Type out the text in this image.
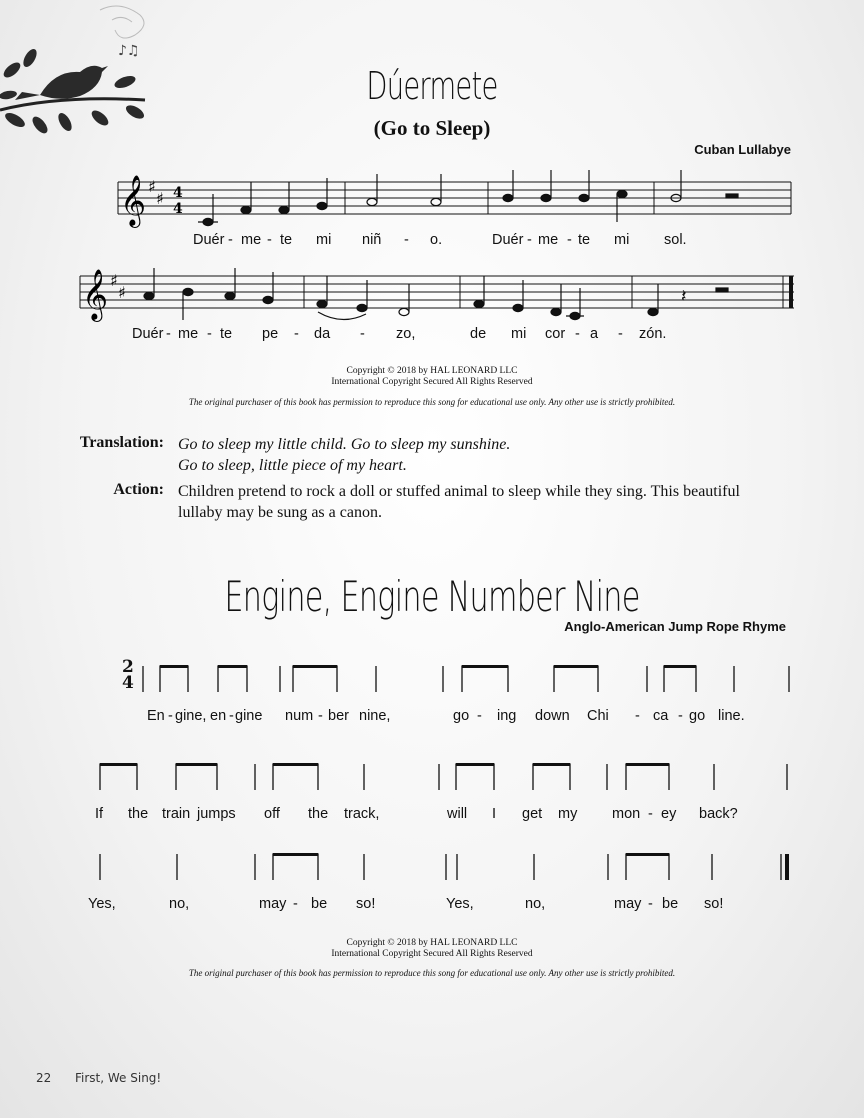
♪♫
Dúermete
(Go to Sleep)
Cuban Lullabye
𝄞 ♯
♯ 4
4
Duér - me - te mi niñ - o.	Duér - me - te mi sol.
𝄞 ♯
♯	𝄽
Duér - me - te pe - da - zo,	de mi cor - a - zón.
Copyright © 2018 by HAL LEONARD LLC
International Copyright Secured All Rights Reserved
The original purchaser of this book has permission to reproduce this song for educational use only. Any other use is strictly prohibited.
Translation: Go to sleep my little child. Go to sleep my sunshine.
Go to sleep, little piece of my heart.
Action: Children pretend to rock a doll or stuffed animal to sleep while they sing. This beautiful lullaby may be sung as a canon.
Engine, Engine Number Nine
Anglo-American Jump Rope Rhyme
2
4
En - gine, en - gine num - ber nine,	go - ing down Chi - ca - go line.
If the train jumps off the track,	will I get my mon - ey back?
Yes,	no,	may - be so!	Yes,	no,	may - be so!
Copyright © 2018 by HAL LEONARD LLC
International Copyright Secured All Rights Reserved
The original purchaser of this book has permission to reproduce this song for educational use only. Any other use is strictly prohibited.
22 First, We Sing!
